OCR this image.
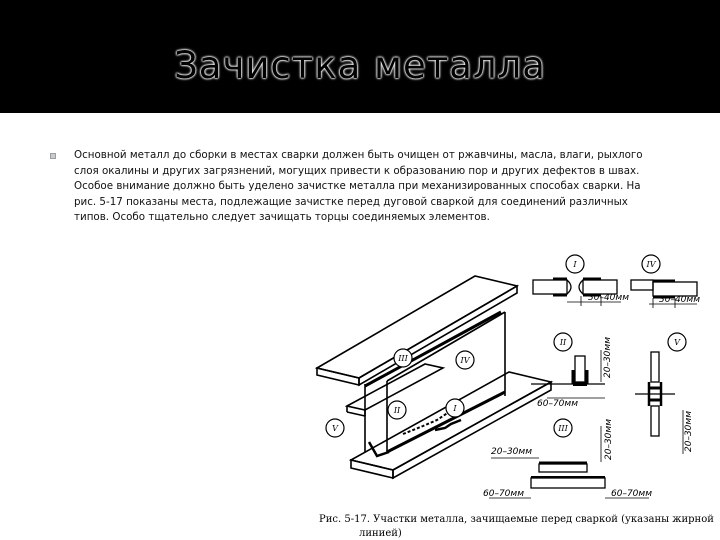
Зачистка металла

Основной металл до сборки в местах сварки должен быть очищен от ржавчины, масла, влаги, рыхлого слоя окалины и других загрязнений, могущих привести к образованию пор и других дефектов в швах. Особое внимание должно быть уделено зачистке металла при механизированных способах сварки. На рис. 5-17 показаны места, подлежащие зачистке перед дуговой сваркой для соединений различных типов. Особо тщательно следует зачищать торцы соединяемых элементов.

III	IV
II	I
V
I
30–40мм
IV
30–40мм
II	20–30мм
60–70мм
V
20–30мм
III	20–30мм
20–30мм
60–70мм	60–70мм
Рис. 5-17. Участки металла, зачищаемые перед сваркой (указаны жирной
линией)
